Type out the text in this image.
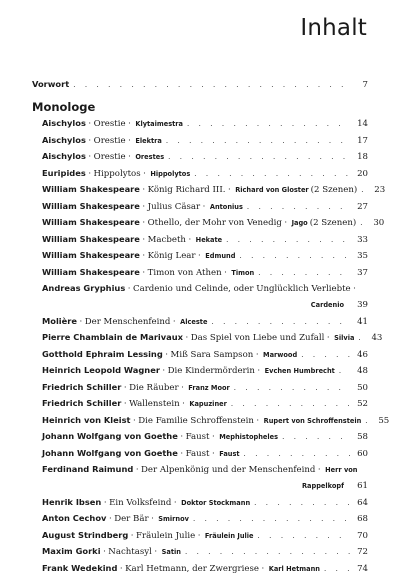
Inhalt
Vorwort . . .	7
Monologe
Aischylos · Orestie · Klytaimestra . . .	14
Aischylos · Orestie · Elektra . . .	17
Aischylos · Orestie · Orestes . . .	18
Euripides · Hippolytos · Hippolytos . . .	20
William Shakespeare · König Richard III. · Richard von Gloster (2 Szenen) . . .	23
William Shakespeare · Julius Cäsar · Antonius . . .	27
William Shakespeare · Othello, der Mohr von Venedig · Jago (2 Szenen) . . .	30
William Shakespeare · Macbeth · Hekate . . .	33
William Shakespeare · König Lear · Edmund . . .	35
William Shakespeare · Timon von Athen · Timon . . .	37
Andreas Gryphius · Cardenio und Celinde, oder Unglücklich Verliebte ·
Cardenio	39
Molière · Der Menschenfeind · Alceste . . .	41
Pierre Chamblain de Marivaux · Das Spiel von Liebe und Zufall · Silvia . . .	43
Gotthold Ephraim Lessing · Miß Sara Sampson · Marwood . . .	46
Heinrich Leopold Wagner · Die Kindermörderin · Evchen Humbrecht . . .	48
Friedrich Schiller · Die Räuber · Franz Moor . . .	50
Friedrich Schiller · Wallenstein · Kapuziner . . .	52
Heinrich von Kleist · Die Familie Schroffenstein · Rupert von Schroffenstein . . .	55
Johann Wolfgang von Goethe · Faust · Mephistopheles . . .	58
Johann Wolfgang von Goethe · Faust · Faust . . .	60
Ferdinand Raimund · Der Alpenkönig und der Menschenfeind · Herr von
Rappelkopf	61
Henrik Ibsen · Ein Volksfeind · Doktor Stockmann . . .	64
Anton Cechov · Der Bär · Smirnov . . .	68
August Strindberg · Fräulein Julie · Fräulein Julie . . .	70
Maxim Gorki · Nachtasyl · Satin . . .	72
Frank Wedekind · Karl Hetmann, der Zwergriese · Karl Hetmann . . .	74
